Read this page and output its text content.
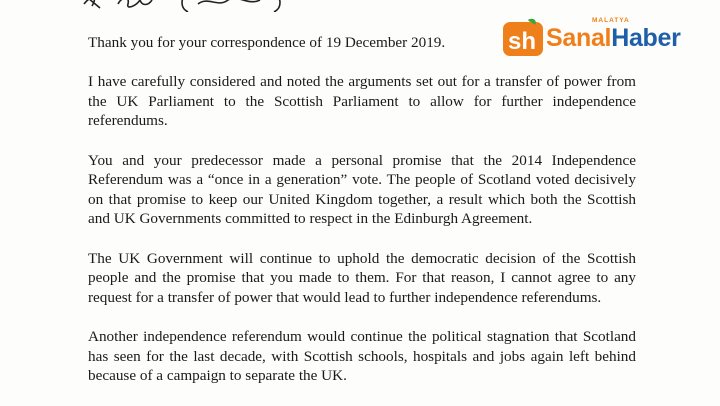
Thank you for your correspondence of 19 December 2019.

I have carefully considered and noted the arguments set out for a transfer of power from the UK Parliament to the Scottish Parliament to allow for further independence referendums.

You and your predecessor made a personal promise that the 2014 Independence Referendum was a “once in a generation” vote. The people of Scotland voted decisively on that promise to keep our United Kingdom together, a result which both the Scottish and UK Governments committed to respect in the Edinburgh Agreement.

The UK Government will continue to uphold the democratic decision of the Scottish people and the promise that you made to them. For that reason, I cannot agree to any request for a transfer of power that would lead to further independence referendums.

Another independence referendum would continue the political stagnation that Scotland has seen for the last decade, with Scottish schools, hospitals and jobs again left behind because of a campaign to separate the UK.

sh
MALATYA
SanalHaber
